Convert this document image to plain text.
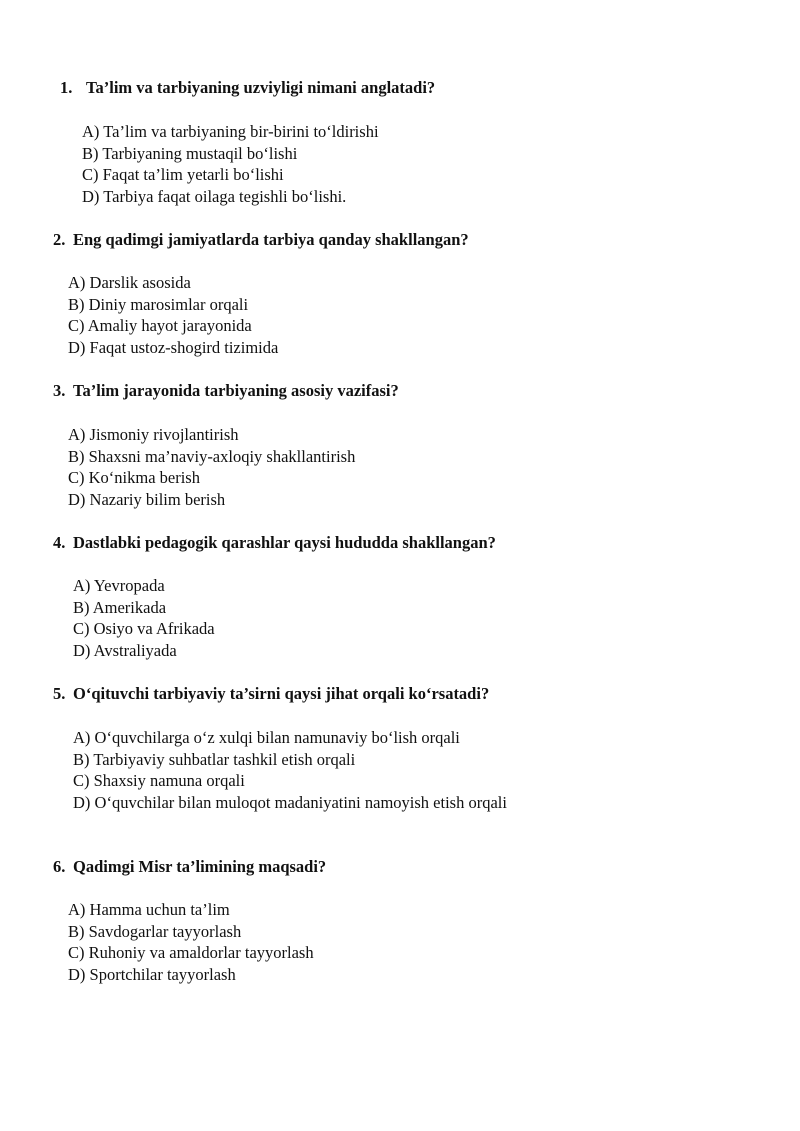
1. Ta’lim va tarbiyaning uzviyligi nimani anglatadi?
A) Ta’lim va tarbiyaning bir-birini to‘ldirishi
B) Tarbiyaning mustaqil bo‘lishi
C) Faqat ta’lim yetarli bo‘lishi
D) Tarbiya faqat oilaga tegishli bo‘lishi.
2. Eng qadimgi jamiyatlarda tarbiya qanday shakllangan?
A) Darslik asosida
B) Diniy marosimlar orqali
C) Amaliy hayot jarayonida
D) Faqat ustoz-shogird tizimida
3. Ta’lim jarayonida tarbiyaning asosiy vazifasi?
A) Jismoniy rivojlantirish
B) Shaxsni ma’naviy-axloqiy shakllantirish
C) Ko‘nikma berish
D) Nazariy bilim berish
4. Dastlabki pedagogik qarashlar qaysi hududda shakllangan?
A) Yevropada
B) Amerikada
C) Osiyo va Afrikada
D) Avstraliyada
5. O‘qituvchi tarbiyaviy ta’sirni qaysi jihat orqali ko‘rsatadi?
A) O‘quvchilarga o‘z xulqi bilan namunaviy bo‘lish orqali
B) Tarbiyaviy suhbatlar tashkil etish orqali
C) Shaxsiy namuna orqali
D) O‘quvchilar bilan muloqot madaniyatini namoyish etish orqali
6. Qadimgi Misr ta’limining maqsadi?
A) Hamma uchun ta’lim
B) Savdogarlar tayyorlash
C) Ruhoniy va amaldorlar tayyorlash
D) Sportchilar tayyorlash
